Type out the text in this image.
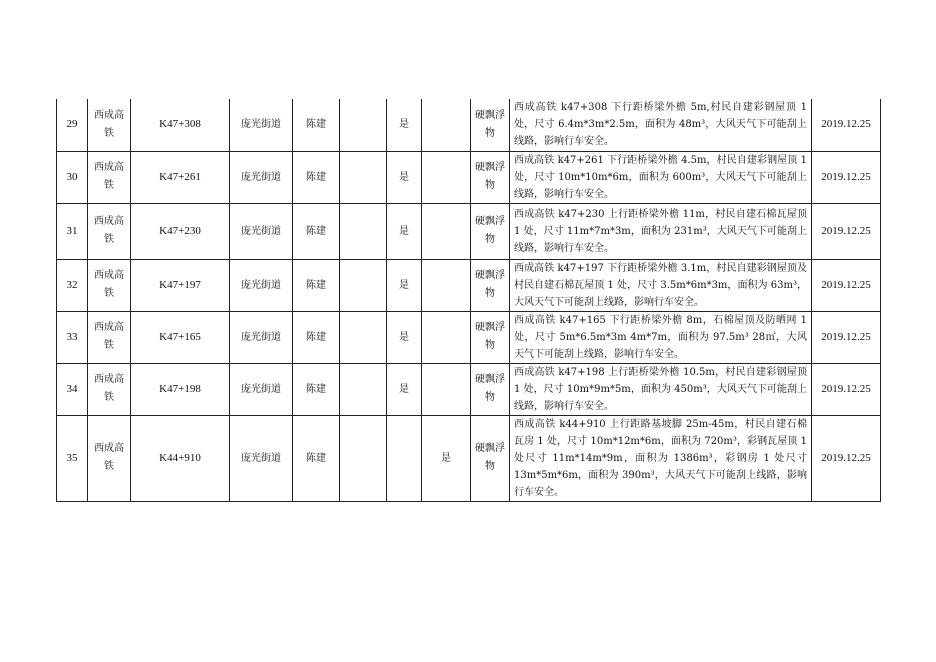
29	西成高铁	K47+308	庞光街道	陈建		是		硬飘浮物	西成高铁 k47+308 下行距桥梁外檐 5m,村民自建彩钢屋顶 1 处，尺寸 6.4m*3m*2.5m，面积为 48m³，大风天气下可能刮上线路，影响行车安全。	2019.12.25
30	西成高铁	K47+261	庞光街道	陈建		是		硬飘浮物	西成高铁 k47+261 下行距桥梁外檐 4.5m，村民自建彩钢屋顶 1 处，尺寸 10m*10m*6m，面积为 600m³，大风天气下可能刮上线路，影响行车安全。	2019.12.25
31	西成高铁	K47+230	庞光街道	陈建		是		硬飘浮物	西成高铁 k47+230 上行距桥梁外檐 11m，村民自建石棉瓦屋顶 1 处，尺寸 11m*7m*3m，面积为 231m³，大风天气下可能刮上线路，影响行车安全。	2019.12.25
32	西成高铁	K47+197	庞光街道	陈建		是		硬飘浮物	西成高铁 k47+197 下行距桥梁外檐 3.1m，村民自建彩钢屋顶及村民自建石棉瓦屋顶 1 处，尺寸 3.5m*6m*3m，面积为 63m³，大风天气下可能刮上线路，影响行车安全。	2019.12.25
33	西成高铁	K47+165	庞光街道	陈建		是		硬飘浮物	西成高铁 k47+165 下行距桥梁外檐 8m，石棉屋顶及防晒网 1 处，尺寸 5m*6.5m*3m 4m*7m，面积为 97.5m³ 28㎡，大风天气下可能刮上线路，影响行车安全。	2019.12.25
34	西成高铁	K47+198	庞光街道	陈建		是		硬飘浮物	西成高铁 k47+198 上行距桥梁外檐 10.5m，村民自建彩钢屋顶 1 处，尺寸 10m*9m*5m，面积为 450m³，大风天气下可能刮上线路，影响行车安全。	2019.12.25
35	西成高铁	K44+910	庞光街道	陈建			是	硬飘浮物	西成高铁 k44+910 上行距路基坡脚 25m-45m，村民自建石棉瓦房 1 处，尺寸 10m*12m*6m，面积为 720m³，彩钢瓦屋顶 1 处尺寸 11m*14m*9m，面积为 1386m³，彩钢房 1 处尺寸 13m*5m*6m，面积为 390m³，大风天气下可能刮上线路，影响行车安全。	2019.12.25
